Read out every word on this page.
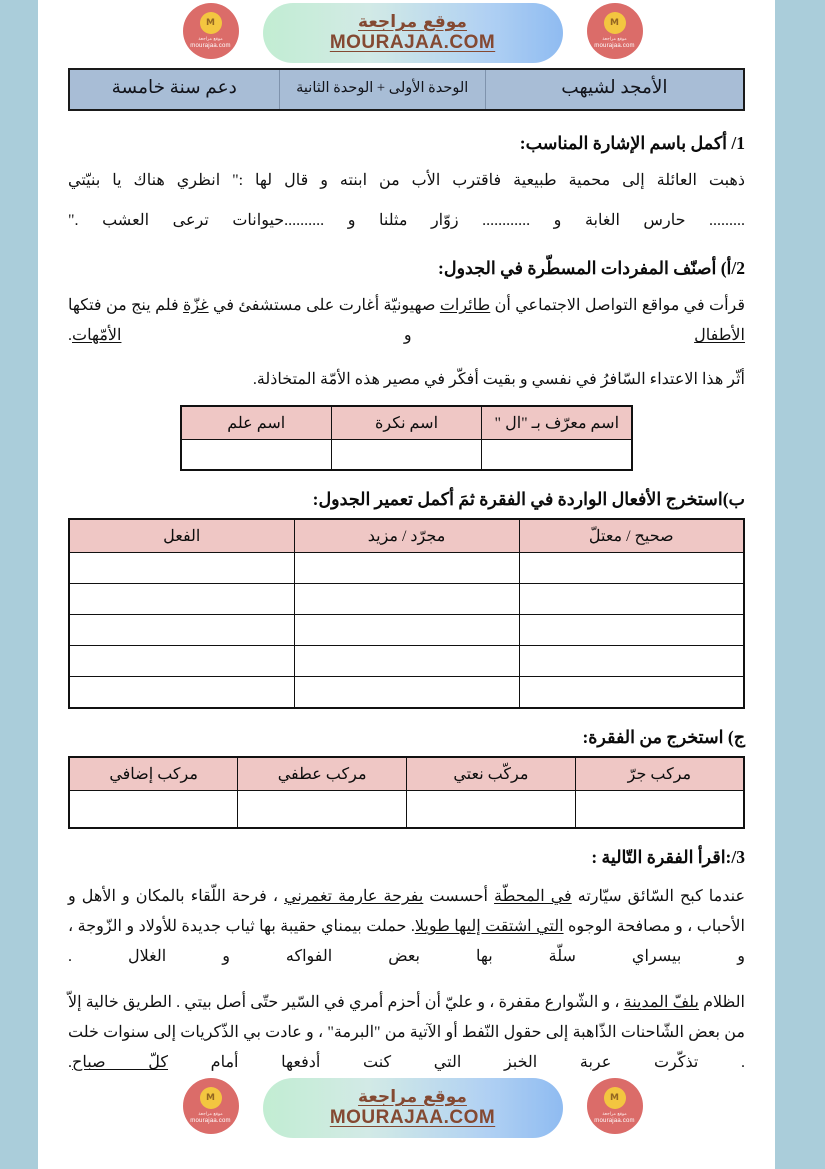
الأمجد لشيهب	الوحدة الأولى + الوحدة الثانية	دعم سنة خامسة
1/ أكمل باسم الإشارة المناسب:
ذهبت العائلة إلى محمية طبيعية فاقترب الأب من ابنته و قال لها :" انظري هناك يا بنيّتي
......... حارس الغابة و ............ زوّار مثلنا و ..........حيوانات ترعى العشب ."
2/أ) أصنّف المفردات المسطّرة في الجدول:
قرأت في مواقع التواصل الاجتماعي أن طائرات صهيونيّة أغارت على مستشفئ في غزّة فلم ينج من فتكها الأطفال و الأمّهات.
أثّر هذا الاعتداء السّافرُ في نفسي و بقيت أفكّر في مصير هذه الأمّة المتخاذلة.
اسم معرّف بـ "ال "	اسم نكرة	اسم علم

ب)استخرج الأفعال الواردة في الفقرة ثمَ أكمل تعمير الجدول:
صحيح / معتلّ	مجرّد / مزيد	الفعل

ج) استخرج من الفقرة:
مركب جرّ	مركّب نعتي	مركب عطفي	مركب إضافي

3/:اقرأ الفقرة التّالية :
عندما كبح السّائق سيّارته في المحطّة أحسست بفرحة عارمة تغمرني ، فرحة اللّقاء بالمكان و الأهل و الأحباب ، و مصافحة الوجوه التي اشتقت إليها طويلا. حملت بيمناي حقيبة بها ثياب جديدة للأولاد و الزّوجة ، و بيسراي سلّة بها بعض الفواكه و الغلال .
الظلام بلفّ المدينة ، و الشّوارع مقفرة ، و عليّ أن أحزم أمري في السّير حتّى أصل بيتي . الطريق خالية إلاّ من بعض الشّاحنات الذّاهبة إلى حقول النّفط أو الآتية من "البرمة" ، و عادت بي الذّكريات إلى سنوات خلت . تذكّرت عربة الخبز التي كنت أدفعها أمام كلّ صباح.
M
موقع مراجعة
mourajaa.com
موقع مراجعة
MOURAJAA.COM
M
موقع مراجعة
mourajaa.com
M
موقع مراجعة
mourajaa.com
موقع مراجعة
MOURAJAA.COM
M
موقع مراجعة
mourajaa.com
